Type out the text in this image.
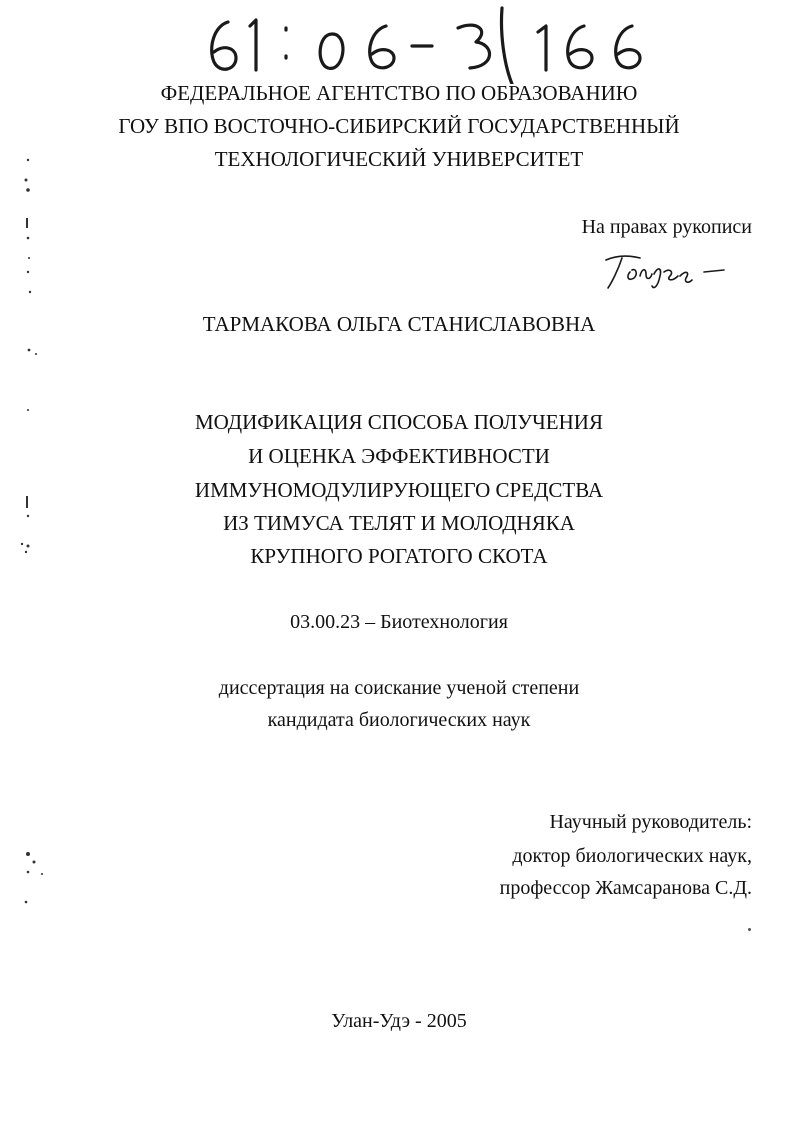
ФЕДЕРАЛЬНОЕ АГЕНТСТВО ПО ОБРАЗОВАНИЮ
ГОУ ВПО ВОСТОЧНО-СИБИРСКИЙ ГОСУДАРСТВЕННЫЙ
ТЕХНОЛОГИЧЕСКИЙ УНИВЕРСИТЕТ
На правах рукописи
ТАРМАКОВА ОЛЬГА СТАНИСЛАВОВНА
МОДИФИКАЦИЯ СПОСОБА ПОЛУЧЕНИЯ
И ОЦЕНКА ЭФФЕКТИВНОСТИ
ИММУНОМОДУЛИРУЮЩЕГО СРЕДСТВА
ИЗ ТИМУСА ТЕЛЯТ И МОЛОДНЯКА
КРУПНОГО РОГАТОГО СКОТА
03.00.23 – Биотехнология
диссертация на соискание ученой степени
кандидата биологических наук
Научный руководитель:
доктор биологических наук,
профессор Жамсаранова С.Д.
Улан-Удэ - 2005
